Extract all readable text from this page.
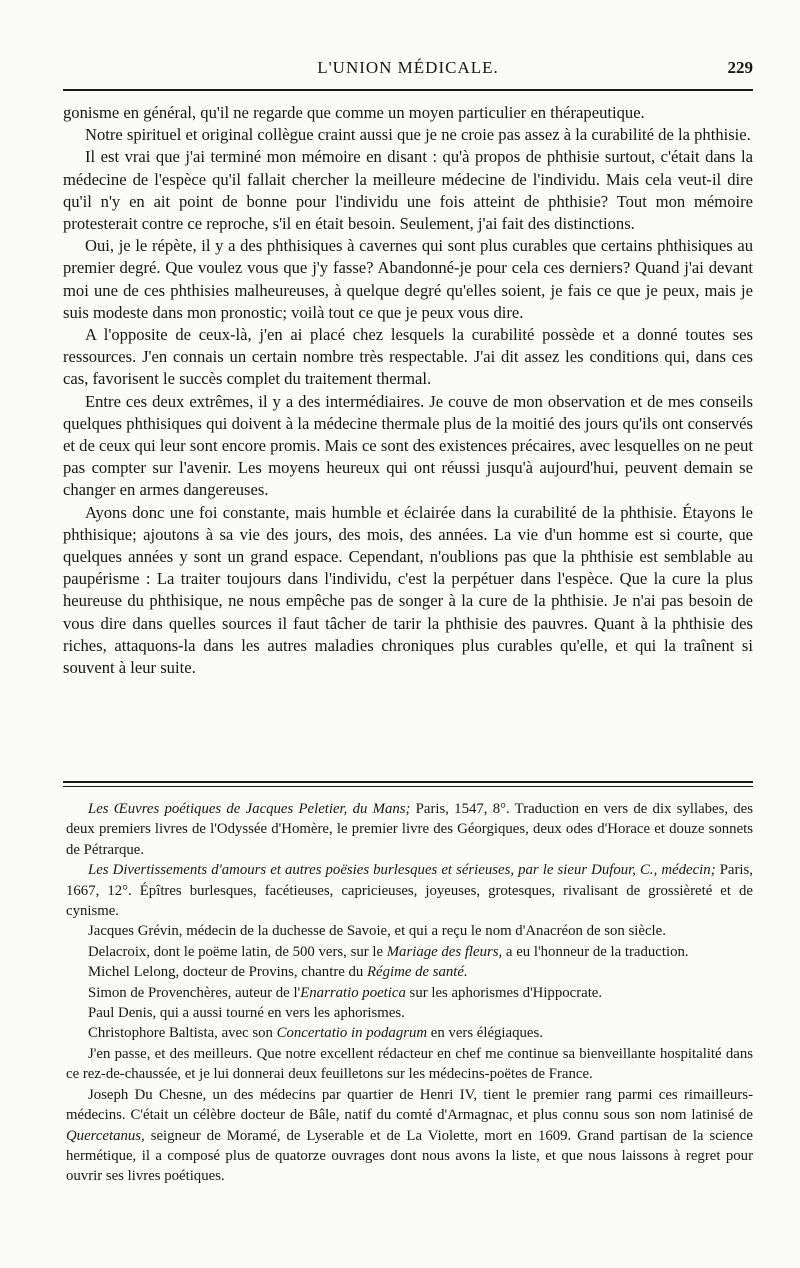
L'UNION MÉDICALE.	229

gonisme en général, qu'il ne regarde que comme un moyen particulier en thérapeutique.

Notre spirituel et original collègue craint aussi que je ne croie pas assez à la curabilité de la phthisie.

Il est vrai que j'ai terminé mon mémoire en disant : qu'à propos de phthisie surtout, c'était dans la médecine de l'espèce qu'il fallait chercher la meilleure médecine de l'individu. Mais cela veut-il dire qu'il n'y en ait point de bonne pour l'individu une fois atteint de phthisie? Tout mon mémoire protesterait contre ce reproche, s'il en était besoin. Seulement, j'ai fait des distinctions.

Oui, je le répète, il y a des phthisiques à cavernes qui sont plus curables que certains phthisiques au premier degré. Que voulez vous que j'y fasse? Abandonné-je pour cela ces derniers? Quand j'ai devant moi une de ces phthisies malheureuses, à quelque degré qu'elles soient, je fais ce que je peux, mais je suis modeste dans mon pronostic; voilà tout ce que je peux vous dire.

A l'opposite de ceux-là, j'en ai placé chez lesquels la curabilité possède et a donné toutes ses ressources. J'en connais un certain nombre très respectable. J'ai dit assez les conditions qui, dans ces cas, favorisent le succès complet du traitement thermal.

Entre ces deux extrêmes, il y a des intermédiaires. Je couve de mon observation et de mes conseils quelques phthisiques qui doivent à la médecine thermale plus de la moitié des jours qu'ils ont conservés et de ceux qui leur sont encore promis. Mais ce sont des existences précaires, avec lesquelles on ne peut pas compter sur l'avenir. Les moyens heureux qui ont réussi jusqu'à aujourd'hui, peuvent demain se changer en armes dangereuses.

Ayons donc une foi constante, mais humble et éclairée dans la curabilité de la phthisie. Étayons le phthisique; ajoutons à sa vie des jours, des mois, des années. La vie d'un homme est si courte, que quelques années y sont un grand espace. Cependant, n'oublions pas que la phthisie est semblable au paupérisme : La traiter toujours dans l'individu, c'est la perpétuer dans l'espèce. Que la cure la plus heureuse du phthisique, ne nous empêche pas de songer à la cure de la phthisie. Je n'ai pas besoin de vous dire dans quelles sources il faut tâcher de tarir la phthisie des pauvres. Quant à la phthisie des riches, attaquons-la dans les autres maladies chroniques plus curables qu'elle, et qui la traînent si souvent à leur suite.

Les Œuvres poétiques de Jacques Peletier, du Mans; Paris, 1547, 8°. Traduction en vers de dix syllabes, des deux premiers livres de l'Odyssée d'Homère, le premier livre des Géorgiques, deux odes d'Horace et douze sonnets de Pétrarque.

Les Divertissements d'amours et autres poësies burlesques et sérieuses, par le sieur Dufour, C., médecin; Paris, 1667, 12°. Épîtres burlesques, facétieuses, capricieuses, joyeuses, grotesques, rivalisant de grossièreté et de cynisme.

Jacques Grévin, médecin de la duchesse de Savoie, et qui a reçu le nom d'Anacréon de son siècle.

Delacroix, dont le poëme latin, de 500 vers, sur le Mariage des fleurs, a eu l'honneur de la traduction.

Michel Lelong, docteur de Provins, chantre du Régime de santé.

Simon de Provenchères, auteur de l'Enarratio poetica sur les aphorismes d'Hippocrate.

Paul Denis, qui a aussi tourné en vers les aphorismes.

Christophore Baltista, avec son Concertatio in podagrum en vers élégiaques.

J'en passe, et des meilleurs. Que notre excellent rédacteur en chef me continue sa bienveillante hospitalité dans ce rez-de-chaussée, et je lui donnerai deux feuilletons sur les médecins-poëtes de France.

Joseph Du Chesne, un des médecins par quartier de Henri IV, tient le premier rang parmi ces rimailleurs-médecins. C'était un célèbre docteur de Bâle, natif du comté d'Armagnac, et plus connu sous son nom latinisé de Quercetanus, seigneur de Moramé, de Lyserable et de La Violette, mort en 1609. Grand partisan de la science hermétique, il a composé plus de quatorze ouvrages dont nous avons la liste, et que nous laissons à regret pour ouvrir ses livres poétiques.
